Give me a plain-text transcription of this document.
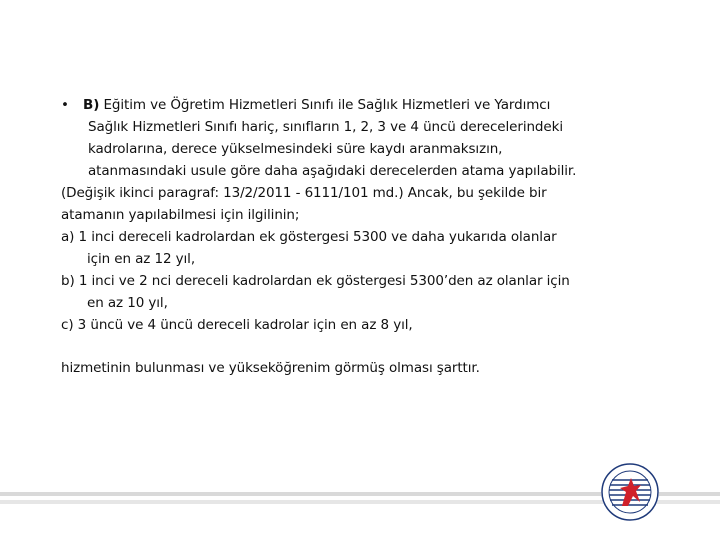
• B) Eğitim ve Öğretim Hizmetleri Sınıfı ile Sağlık Hizmetleri ve Yardımcı
Sağlık Hizmetleri Sınıfı hariç, sınıfların 1, 2, 3 ve 4 üncü derecelerindeki
kadrolarına, derece yükselmesindeki süre kaydı aranmaksızın,
atanmasındaki usule göre daha aşağıdaki derecelerden atama yapılabilir.
(Değişik ikinci paragraf: 13/2/2011 - 6111/101 md.) Ancak, bu şekilde bir
atamanın yapılabilmesi için ilgilinin;
a) 1 inci dereceli kadrolardan ek göstergesi 5300 ve daha yukarıda olanlar
için en az 12 yıl,
b) 1 inci ve 2 nci dereceli kadrolardan ek göstergesi 5300’den az olanlar için
en az 10 yıl,
c) 3 üncü ve 4 üncü dereceli kadrolar için en az 8 yıl,
hizmetinin bulunması ve yükseköğrenim görmüş olması şarttır.
